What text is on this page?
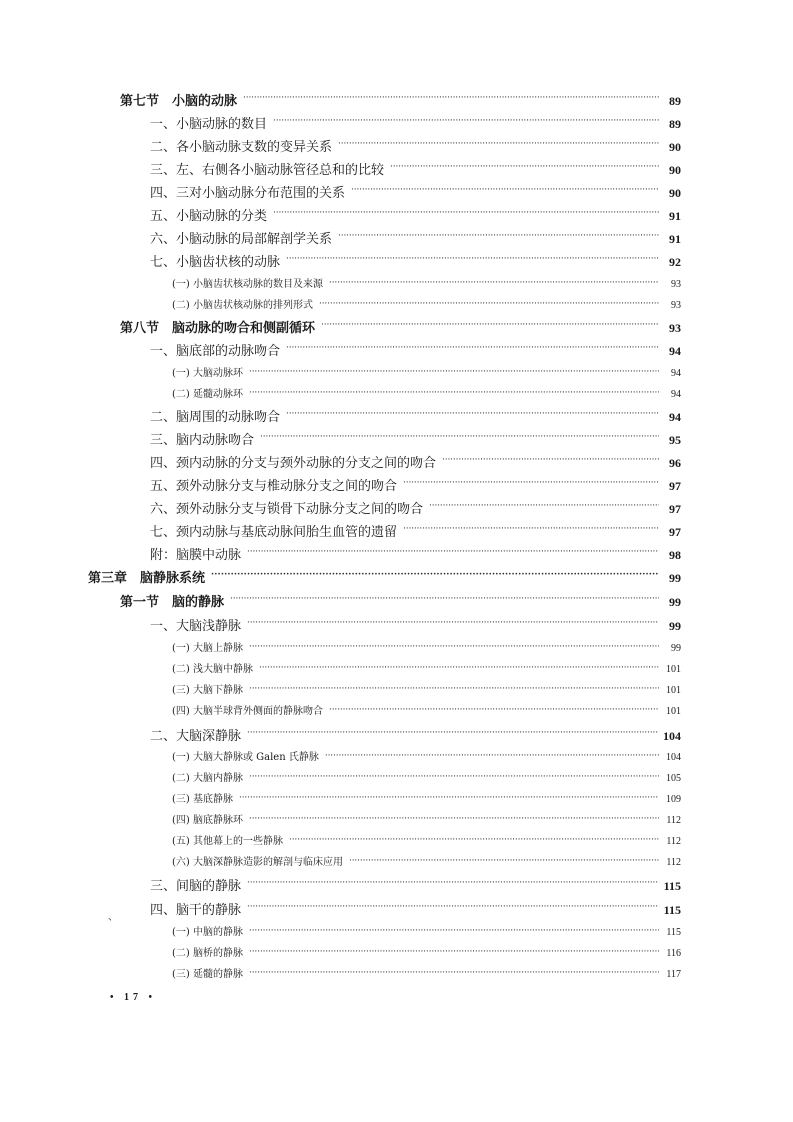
第七节　小脑的动脉 · · ·	89
一、小脑动脉的数目 · · ·	89
二、各小脑动脉支数的变异关系 · · ·	90
三、左、右侧各小脑动脉管径总和的比较 · · ·	90
四、三对小脑动脉分布范围的关系 · · ·	90
五、小脑动脉的分类 · · ·	91
六、小脑动脉的局部解剖学关系 · · ·	91
七、小脑齿状核的动脉 · · ·	92
(一) 小脑齿状核动脉的数目及来源 · · ·	93
(二) 小脑齿状核动脉的排列形式 · · ·	93
第八节　脑动脉的吻合和侧副循环 · · ·	93
一、脑底部的动脉吻合 · · ·	94
(一) 大脑动脉环 · · ·	94
(二) 延髓动脉环 · · ·	94
二、脑周围的动脉吻合 · · ·	94
三、脑内动脉吻合 · · ·	95
四、颈内动脉的分支与颈外动脉的分支之间的吻合 · · ·	96
五、颈外动脉分支与椎动脉分支之间的吻合 · · ·	97
六、颈外动脉分支与锁骨下动脉分支之间的吻合 · · ·	97
七、颈内动脉与基底动脉间胎生血管的遗留 · · ·	97
附：脑膜中动脉 · · ·	98
第三章　脑静脉系统 · · ·	99
第一节　脑的静脉 · · ·	99
一、大脑浅静脉 · · ·	99
(一) 大脑上静脉 · · ·	99
(二) 浅大脑中静脉 · · ·	101
(三) 大脑下静脉 · · ·	101
(四) 大脑半球背外侧面的静脉吻合 · · ·	101
二、大脑深静脉 · · ·	104
(一) 大脑大静脉或 Galen 氏静脉 · · ·	104
(二) 大脑内静脉 · · ·	105
(三) 基底静脉 · · ·	109
(四) 脑底静脉环 · · ·	112
(五) 其他幕上的一些静脉 · · ·	112
(六) 大脑深静脉造影的解剖与临床应用 · · ·	112
三、间脑的静脉 · · ·	115
四、脑干的静脉 · · ·	115
(一) 中脑的静脉 · · ·	115
(二) 脑桥的静脉 · · ·	116
(三) 延髓的静脉 · · ·	117
、
• 17 •
